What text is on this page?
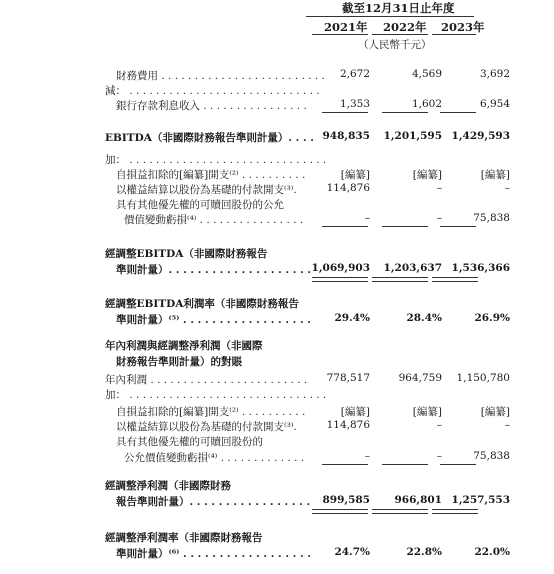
截至12月31日止年度
2021年 2022年 2023年
（人民幣千元）
財務費用 . . . . . . . . . . . . . . . . . . . . . . . . .	2,672	4,569	3,692
減： . . . . . . . . . . . . . . . . . . . . . . . . . . . . .
銀行存款利息收入 . . . . . . . . . . . . . . . .	1,353	1,602	6,954
EBITDA（非國際財務報告準則計量）. . . . 948,835	1,201,595 1,429,593
加： . . . . . . . . . . . . . . . . . . . . . . . . . . . . . .
自損益扣除的[編纂]開支⁽²⁾ . . . . . . . . . .	[編纂]	[編纂]	[編纂]
以權益結算以股份為基礎的付款開支⁽³⁾.	114,876	–	–
具有其他優先權的可贖回股份的公允
價值變動虧損⁽⁴⁾ . . . . . . . . . . . . . . . .	–	–	75,838
經調整EBITDA（非國際財務報告
準則計量）. . . . . . . . . . . . . . . . . . . . 1,069,903	1,203,637 1,536,366
經調整EBITDA利潤率（非國際財務報告
準則計量）⁽⁵⁾ . . . . . . . . . . . . . . . . . .	29.4%	28.4%	26.9%
年內利潤與經調整淨利潤（非國際
財務報告準則計量）的對賬
年內利潤 . . . . . . . . . . . . . . . . . . . . . . . .	778,517	964,759	1,150,780
加： . . . . . . . . . . . . . . . . . . . . . . . . . . . . . .
自損益扣除的[編纂]開支⁽²⁾ . . . . . . . . . .	[編纂]	[編纂]	[編纂]
以權益結算以股份為基礎的付款開支⁽³⁾.	114,876	–	–
具有其他優先權的可贖回股份的
公允價值變動虧損⁽⁴⁾ . . . . . . . . . . . . .	–	–	75,838
經調整淨利潤（非國際財務
報告準則計量）. . . . . . . . . . . . . . . . .	899,585	966,801 1,257,553
經調整淨利潤率（非國際財務報告
準則計量）⁽⁶⁾ . . . . . . . . . . . . . . . . . .	24.7%	22.8%	22.0%
